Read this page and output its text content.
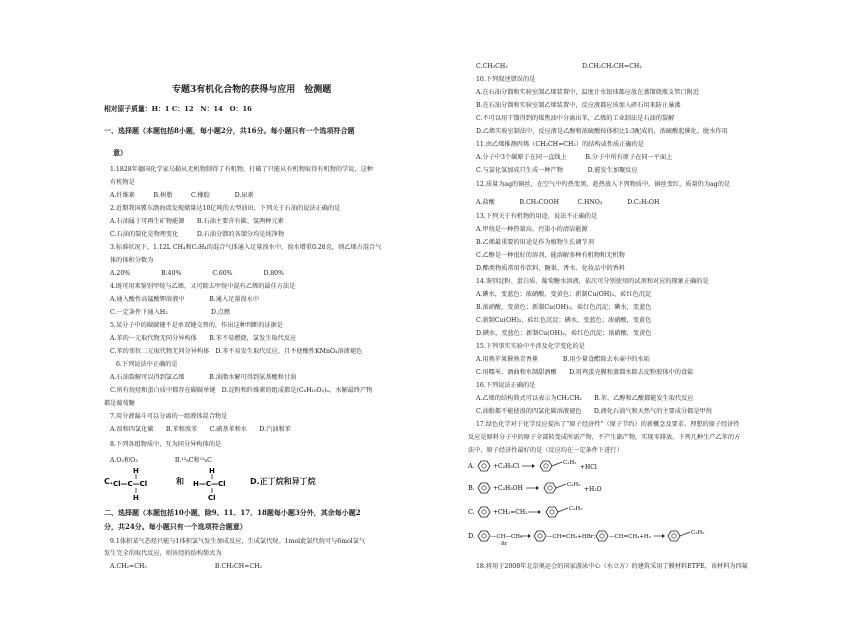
专题3有机化合物的获得与应用　检测题
相对原子质量：H：1 C：12　N：14　O：16
一、选择题（本题包括8小题，每小题2分，共16分。每小题只有一个选项符合题
意）
1.1828年德国化学家乌勒从无机物制得了有机物，打破了只能从有机物取得有机物的学说，这种
有机物是
A.纤维素　　　B.树脂　　　C.橡胶　　　　D.尿素
2.近期我国冀东渤海湾发现储量达10亿吨的大型油田，下列关于石油的说法正确的是
A.石油属于可再生矿物能源　　B.石油主要含有碳、氢两种元素
C.石油的裂化是物理变化　　　D.石油分馏的各馏分均是纯净物
3.标准状况下，1.12L CH₄和C₂H₄的混合气体通入足量溴水中，溴水增重0.28克，则乙烯占混合气
体的体积分数为
A.20%　　　　　B.40%　　　　　C.60%　　　　　D.80%
4.既可用来鉴别甲烷与乙烯，又可除去甲烷中混有乙烯的最佳方法是
A.通入酸性高锰酸钾溶液中　　　　B.通入足量溴水中
C.一定条件下通入H₂　　　　　　　D.点燃
5.某分子中的碳碳键不是单双键交替的，作出这种判断的证据是
A.苯的一元取代物无同分异构体　　B.苯不易燃烧，氯发生取代反应
C.苯的邻位二元取代物无同分异构体　D.苯不易发生取代反应，且不使酸性KMnO₄溶液褪色
6.下列说法中正确的是
A.石油裂解可以得到氯乙烯　　　　B.油脂水解可得到氨基酸和甘油
C.所有烷烃和蛋白质中都存在碳碳单键　D.淀粉和纤维素的组成都是(C₆H₁₀O₅)ₙ，水解最终产物
都是葡萄糖
7.用分液漏斗可以分离的一组液体混合物是
A.溴和四氯化碳　　B.苯和溴苯　　C.硝基苯和水　　D.汽油和苯
8.下列各组物质中，互为同分异构体的是
A.O₂和O₃　　　　　　B.¹²₆C和¹³₆C
C.
H
Cl—C—Cl
H
和
H
H—C—Cl
Cl
D.正丁烷和异丁烷
二、选择题（本题包括10小题，除9、11、17、18题每小题3分外，其余每小题2
分，共24分。每小题只有一个选项符合题意）
9.1体积某气态烃只能与1体积氯气发生加成反应，生成氯代烷。1mol此氯代烷可与6mol氯气
发生完全的取代反应，则该烃的结构简式为
A.CH₂=CH₂　　　　　　　　　　　B.CH₃CH=CH₂
C.CH₃CH₃　　　　　　　　　　　　D.CH₂CH₂CH=CH₂
10.下列叙述错误的是
A.在石油分馏和实验室制乙烯装置中，温度计水银球都应放在蒸馏烧瓶支管口附近
B.在石油分馏和实验室制乙烯装置中，反应液都应该加入碎石用来防止暴沸
C.不可以用干馏得到的煤焦油中分离出苯，乙烯的工业制法是石油的裂解
D.乙烯实验室制法中，反应液是乙醇和浓硫酸按体积比1:3配成的，浓硫酸起催化、脱水作用
11.由乙烯推测丙烯（CH₂CH=CH₂）的结构或性质正确的是
A.分子中3个碳原子在同一直线上　　　B.分子中所有原子在同一平面上
C.与氯化氢加成只生成一种产物　　　　D.能发生加聚反应
12.质量为ag的铜丝，在空气中灼热变黑，趁热放入下列物质中，铜丝变红，质量仍为ag的是
A.盐酸　　　　B.CH₃COOH　　　C.HNO₃　　　　D.C₂H₅OH
13.下列关于有机物的用途，说法不正确的是
A.甲烷是一种热量高、污染小的清洁能源
B.乙烯最重要的用途是作为植物生长调节剂
C.乙醇是一种很好的溶剂，能溶解多种有机物和无机物
D.酯类物质常用作饮料、糖果、香水、化妆品中的香料
14.鉴别淀粉、蛋白质、葡萄糖水溶液，依次可分别使用的试剂和对应的现象正确的是
A.碘水，变蓝色；浓硝酸，变黄色；新制Cu(OH)₂，砖红色沉淀
B.浓硝酸，变黄色；新制Cu(OH)₂，砖红色沉淀；碘水，变蓝色
C.新制Cu(OH)₂，砖红色沉淀；碘水，变蓝色；浓硝酸，变黄色
D.碘水，变蓝色；新制Cu(OH)₂，砖红色沉淀；浓硝酸，变黄色
15.下列事实实验中不涉及化学变化的是
A.用熟苹果催熟青香蕉　　　　B.用少量食醋除去水壶中的水垢
C.用糯米、酒曲和水制甜酒酿　　D.用鸡蛋壳膜和蒸馏水除去淀粉胶体中的食盐
16.下列说法正确的是
A.乙烯的结构简式可以表示为CH₂CH₂　　B.苯、乙醇和乙酸都能发生取代反应
C.油脂都不能使溴的四氯化碳溶液褪色　　D.液化石油气和天然气的主要成分都是甲烷
17.绿色化学对于化学反应提出了“原子经济性”（原子节约）的新概念及要求。理想的原子经济性
反应是原料分子中的原子全部转变成所需产物，不产生副产物，实现零排放。下列几种生产乙苯的方
法中，原子经济性最好的是（反应均在一定条件下进行）
A.	+C₂H₅Cl	C₂H₅
+HCl
B.	+C₂H₅OH	C₂H₅
+H₂O
C.	+CH₂=CH₂	C₂H₅
D.	—CH—CH₃
Br
—CH=CH₂+HBr； —CH=CH₂+H₂
C₂H₅
18.将用于2008年北京奥运会的国家游泳中心（水立方）的建筑采用了膜材料ETFE，该材料为四氟
